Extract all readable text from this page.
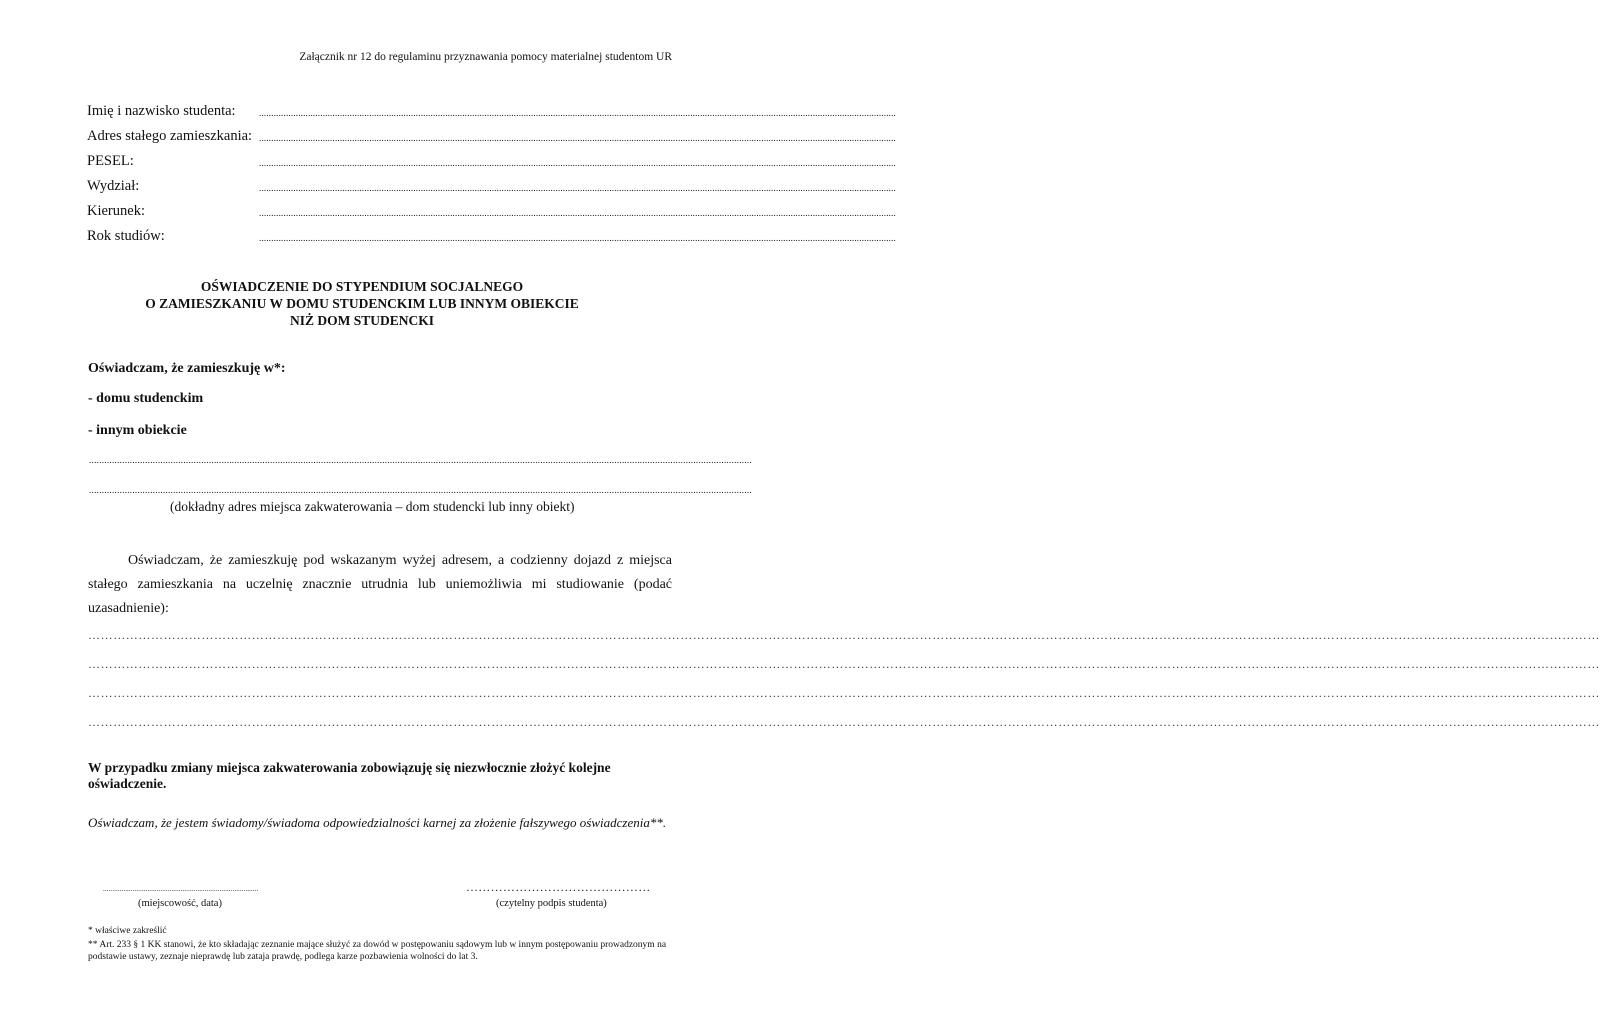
Załącznik nr 12 do regulaminu przyznawania pomocy materialnej studentom UR
Imię i nazwisko studenta:	....................................................................................................................................................................................................................................................................
Adres stałego zamieszkania: ....................................................................................................................................................................................................................................................................
PESEL:	....................................................................................................................................................................................................................................................................
Wydział:	....................................................................................................................................................................................................................................................................
Kierunek:	....................................................................................................................................................................................................................................................................
Rok studiów:	....................................................................................................................................................................................................................................................................
OŚWIADCZENIE DO STYPENDIUM SOCJALNEGO
O ZAMIESZKANIU W DOMU STUDENCKIM LUB INNYM OBIEKCIE
NIŻ DOM STUDENCKI
Oświadczam, że zamieszkuję w*:
- domu studenckim
- innym obiekcie
....................................................................................................................................................................................................................................................................
....................................................................................................................................................................................................................................................................
(dokładny adres miejsca zakwaterowania – dom studencki lub inny obiekt)
Oświadczam, że zamieszkuję pod wskazanym wyżej adresem, a codzienny dojazd z miejsca stałego zamieszkania na uczelnię znacznie utrudnia lub uniemożliwia mi studiowanie (podać uzasadnienie):
………………………………………………………………………………………………………………………………………………………………………………………………………………………………………………………………………………………………………………………………
………………………………………………………………………………………………………………………………………………………………………………………………………………………………………………………………………………………………………………………………
………………………………………………………………………………………………………………………………………………………………………………………………………………………………………………………………………………………………………………………………
………………………………………………………………………………………………………………………………………………………………………………………………………………………………………………………………………………………………………………………………
W przypadku zmiany miejsca zakwaterowania zobowiązuję się niezwłocznie złożyć kolejne oświadczenie.
Oświadczam, że jestem świadomy/świadoma odpowiedzialności karnej za złożenie fałszywego oświadczenia**.
....................................................................................
(miejscowość, data)
………………………………………
(czytelny podpis studenta)
* właściwe zakreślić
** Art. 233 § 1 KK stanowi, że kto składając zeznanie mające służyć za dowód w postępowaniu sądowym lub w innym postępowaniu prowadzonym na podstawie ustawy, zeznaje nieprawdę lub zataja prawdę, podlega karze pozbawienia wolności do lat 3.
